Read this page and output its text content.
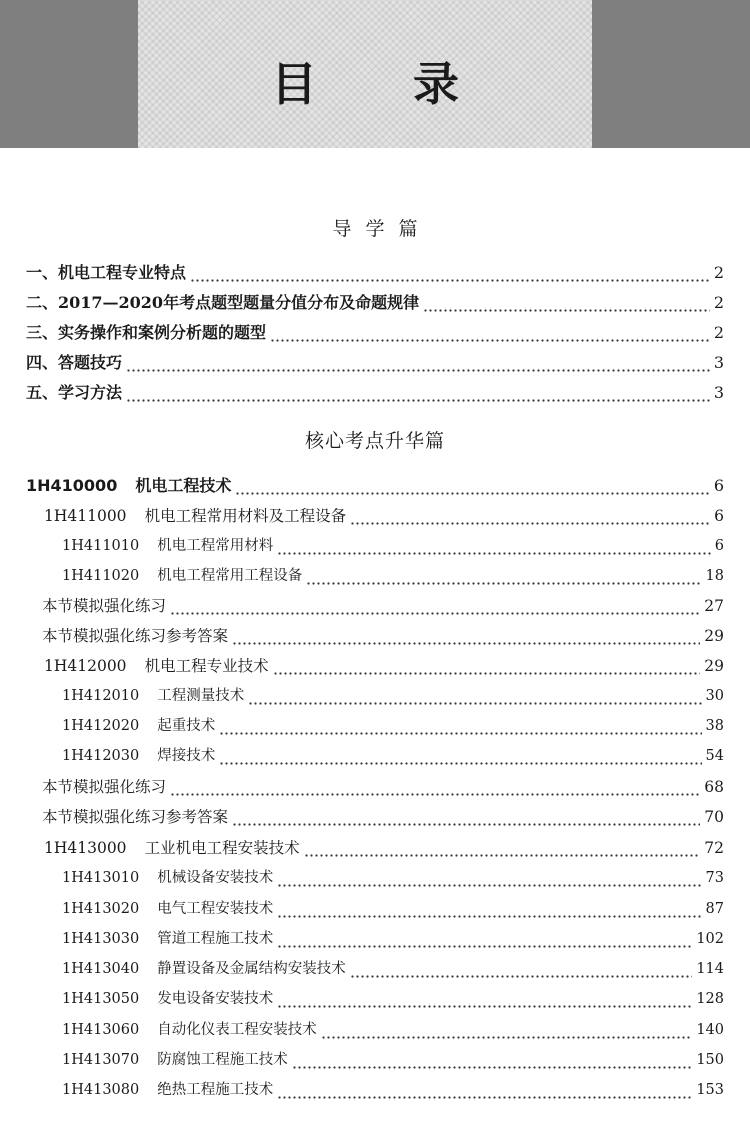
目 录
导学篇
一、机电工程专业特点	2
二、2017—2020年考点题型题量分值分布及命题规律	2
三、实务操作和案例分析题的题型	2
四、答题技巧	3
五、学习方法	3
核心考点升华篇
1H410000 机电工程技术	6
1H411000 机电工程常用材料及工程设备	6
1H411010 机电工程常用材料	6
1H411020 机电工程常用工程设备	18
本节模拟强化练习	27
本节模拟强化练习参考答案	29
1H412000 机电工程专业技术	29
1H412010 工程测量技术	30
1H412020 起重技术	38
1H412030 焊接技术	54
本节模拟强化练习	68
本节模拟强化练习参考答案	70
1H413000 工业机电工程安装技术	72
1H413010 机械设备安装技术	73
1H413020 电气工程安装技术	87
1H413030 管道工程施工技术	102
1H413040 静置设备及金属结构安装技术	114
1H413050 发电设备安装技术	128
1H413060 自动化仪表工程安装技术	140
1H413070 防腐蚀工程施工技术	150
1H413080 绝热工程施工技术	153
